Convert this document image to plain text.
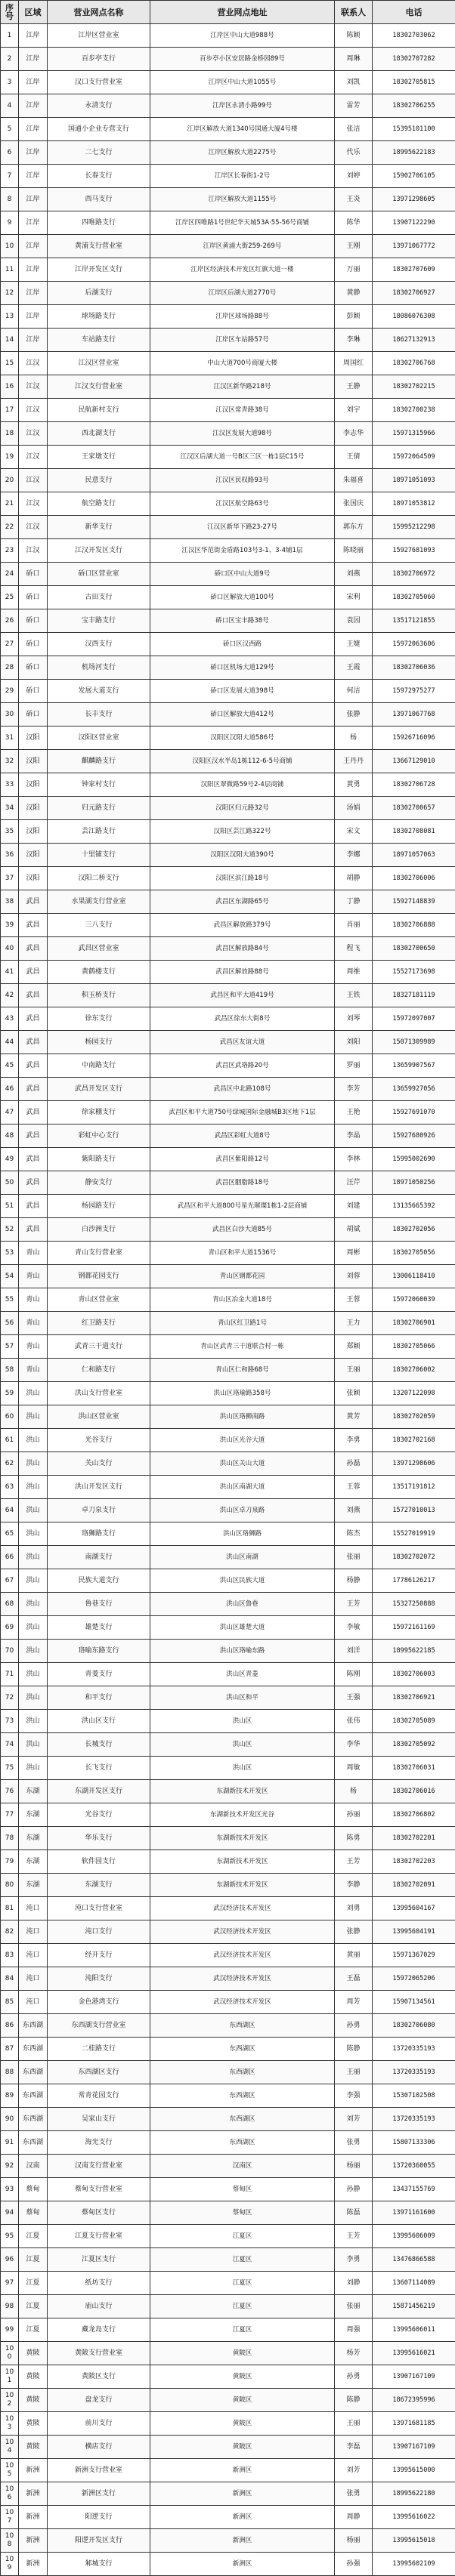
序号	区域	营业网点名称	营业网点地址	联系人	电话
1	江岸	江岸区营业室	江岸区中山大道988号	陈颖	18302703062
2	江岸	百步亭支行	百步亭小区安居路金桥园89号	周琳	18302707282
3	江岸	汉口支行营业室	江岸区中山大道1055号	刘凯	18302705815
4	江岸	永清支行	江岸区永清小路99号	雷芳	18302706255
5	江岸	国通小企业专营支行	江岸区解放大道1340号国通大厦4号楼	张洁	15395101100
6	江岸	二七支行	江岸区解放大道2275号	代乐	18995622183
7	江岸	长春支行	江岸区长春街1-2号	刘婷	15902706105
8	江岸	西马支行	江岸区解放大道1155号	王炎	13971298605
9	江岸	四唯路支行	江岸区四唯路1号世纪华天城53A·55-56号商铺	陈华	13907122290
10	江岸	黄浦支行营业室	江岸区黄浦大街259-269号	王刚	13971067772
11	江岸	江岸开发区支行	江岸区经济技术开发区红旗大道一楼	万丽	18302707609
12	江岸	后湖支行	江岸区后湖大道2770号	黄静	18302706927
13	江岸	球场路支行	江岸区球场路88号	彭颖	18086076308
14	江岸	车站路支行	江岸区车站路57号	李琳	18627132913
15	江汉	江汉区营业室	中山大道700号商厦大楼	周国红	18302706768
16	江汉	江汉支行营业室	江汉区新华路218号	王静	18302702215
17	江汉	民航新村支行	江汉区常青路38号	刘宇	18302700238
18	江汉	西北湖支行	江汉区发展大道98号	李志华	15971315966
19	江汉	王家墩支行	江汉区后湖大道一号B区三区一栋1层C15号	王倩	15972064509
20	江汉	民意支行	江汉区民权路93号	朱福喜	18971051093
21	江汉	航空路支行	江汉区航空路63号	张国庆	18971053812
22	江汉	新华支行	江汉区新华下路23-27号	郭东方	15995212298
23	江汉	江汉开发区支行	江汉区华范街金盾路103号3-1、3-4铺1层	陈晓丽	15927681093
24	硚口	硚口区营业室	硚口区中山大道9号	刘燕	18302706972
25	硚口	古田支行	硚口区解放大道100号	宋利	18302705060
26	硚口	宝丰路支行	硚口区宝丰路38号	袁园	13517121855
27	硚口	汉西支行	硚口区汉西路	王婕	15972063606
28	硚口	机场河支行	硚口区机场大道129号	王霞	18302706036
29	硚口	发展大道支行	硚口区发展大道398号	何洁	15972975277
30	硚口	长丰支行	硚口区解放大道412号	张静	13971067768
31	汉阳	汉阳区营业室	汉阳区汉阳大道586号	杨	15926716096
32	汉阳	麒麟路支行	汉阳区汉水半岛1栋112-6-5号商铺	王丹丹	13667129010
33	汉阳	钟家村支行	汉阳区翠微路59号2-4层商铺	黄勇	18302706728
34	汉阳	归元路支行	汉阳区归元路32号	汤娟	18302700657
35	汉阳	芸江路支行	汉阳区芸江路322号	宋文	18302708081
36	汉阳	十里铺支行	汉阳区汉阳大道390号	李娜	18971057063
37	汉阳	汉阳二桥支行	汉阳区滨江路18号	胡静	18302706006
38	武昌	水果湖支行营业室	武昌区东湖路65号	丁静	15927148839
39	武昌	三八支行	武昌区解放路379号	肖丽	18302706888
40	武昌	武昌区营业室	武昌区解放路84号	程飞	18302700650
41	武昌	黄鹤楼支行	武昌区解放路88号	周维	15527173698
42	武昌	积玉桥支行	武昌区和平大道419号	王铁	18327181119
43	武昌	徐东支行	武昌区徐东大街8号	刘琴	15972097007
44	武昌	杨园支行	武昌区友谊大道	刘阳	15071309989
45	武昌	中南路支行	武昌区武珞路20号	罗丽	13659907567
46	武昌	武昌开发区支行	武昌区中北路108号	李芳	13659927056
47	武昌	徐家棚支行	武昌区和平大道750号绿城国际金融城B3区地下1层	王艳	15927691070
48	武昌	彩虹中心支行	武昌区彩虹大道8号	李晶	15927680926
49	武昌	紫阳路支行	武昌区紫阳路12号	李林	15995002690
50	武昌	静安支行	武昌区胭脂路18号	汪芹	18971050256
51	武昌	杨园路支行	武昌区和平大道800号星光璀璨1栋1-2层商铺	刘建	13135665392
52	武昌	白沙洲支行	武昌区白沙大道85号	胡斌	18302702056
53	青山	青山支行营业室	青山区和平大道1536号	周彬	18302705056
54	青山	钢都花园支行	青山区钢都花园	刘蓉	13006118410
55	青山	青山区营业室	青山区冶金大道18号	王蓉	15972060039
56	青山	红卫路支行	青山区红卫路1号	王力	18302706901
57	青山	武青三干道支行	青山区武青三干道联合村一栋	郑颖	18302705066
58	青山	仁和路支行	青山区仁和路68号	王丽	18302706002
59	洪山	洪山支行营业室	洪山区珞瑜路358号	张颖	13207122098
60	洪山	洪山区营业室	洪山区珞狮南路	黄芳	18302702059
61	洪山	光谷支行	洪山区光谷大道	李勇	18302702168
62	洪山	关山支行	洪山区关山大道	孙磊	13971298606
63	洪山	洪山开发区支行	洪山区南湖大道	王蓉	13517191812
64	洪山	卓刀泉支行	洪山区卓刀泉路	刘燕	15727010013
65	洪山	珞狮路支行	洪山区珞狮路	陈杰	15527019919
66	洪山	南湖支行	洪山区南湖	张丽	18302702072
67	洪山	民族大道支行	洪山区民族大道	杨静	17786126217
68	洪山	鲁巷支行	洪山区鲁巷	王芳	15327250888
69	洪山	雄楚支行	洪山区雄楚大道	李敏	15972161169
70	洪山	珞喻东路支行	洪山区珞喻东路	刘洋	18995622185
71	洪山	青菱支行	洪山区青菱	陈刚	18302706003
72	洪山	和平支行	洪山区和平	王强	18302706921
73	洪山	洪山区支行	洪山区	张伟	18302705089
74	洪山	长城支行	洪山区	李华	18302705092
75	洪山	长飞支行	洪山区	周敏	18302706031
76	东湖	东湖开发区支行	东湖新技术开发区	杨	18302706016
77	东湖	光谷支行	东湖新技术开发区光谷	孙丽	18302706802
78	东湖	华乐支行	东湖新技术开发区	陈勇	18302702201
79	东湖	软件园支行	东湖新技术开发区	王芳	18302702203
80	东湖	东湖支行	东湖新技术开发区	李静	18302702091
81	沌口	沌口支行营业室	武汉经济技术开发区	刘勇	13995604167
82	沌口	沌口支行	武汉经济技术开发区	张静	13995604191
83	沌口	经开支行	武汉经济技术开发区	黄丽	15971367029
84	沌口	沌阳支行	武汉经济技术开发区	王磊	15972065206
85	沌口	金色港湾支行	武汉经济技术开发区	周芳	15907134561
86	东西湖	东西湖支行营业室	东西湖区	孙勇	18302706080
87	东西湖	二桂路支行	东西湖区	陈静	13720335193
88	东西湖	东西湖区支行	东西湖区	王丽	13720335193
89	东西湖	常青花园支行	东西湖区	李强	15307102508
90	东西湖	吴家山支行	东西湖区	刘芳	13720335193
91	东西湖	海光支行	东西湖区	张勇	15807133306
92	汉南	汉南支行营业室	汉南区	杨丽	13720360055
93	蔡甸	蔡甸支行营业室	蔡甸区	孙静	13437155769
94	蔡甸	蔡甸区支行	蔡甸区	陈磊	13971161600
95	江夏	江夏支行营业室	江夏区	王芳	13995606009
96	江夏	江夏区支行	江夏区	李勇	13476866588
97	江夏	纸坊支行	江夏区	刘静	13607114089
98	江夏	庙山支行	江夏区	张丽	15871456219
99	江夏	藏龙岛支行	江夏区	周强	13995606011
100	黄陂	黄陂支行营业室	黄陂区	杨芳	13995616021
101	黄陂	黄陂区支行	黄陂区	孙勇	13907167109
102	黄陂	盘龙支行	黄陂区	陈静	18672395996
103	黄陂	前川支行	黄陂区	王丽	13971681185
104	黄陂	横店支行	黄陂区	李磊	13907167109
105	新洲	新洲支行营业室	新洲区	刘芳	13995615000
106	新洲	新洲区支行	新洲区	张勇	18995622180
107	新洲	阳逻支行	新洲区	周静	13995616022
108	新洲	阳逻开发区支行	新洲区	杨丽	13995615018
109	新洲	邾城支行	新洲区	孙强	13995602109
